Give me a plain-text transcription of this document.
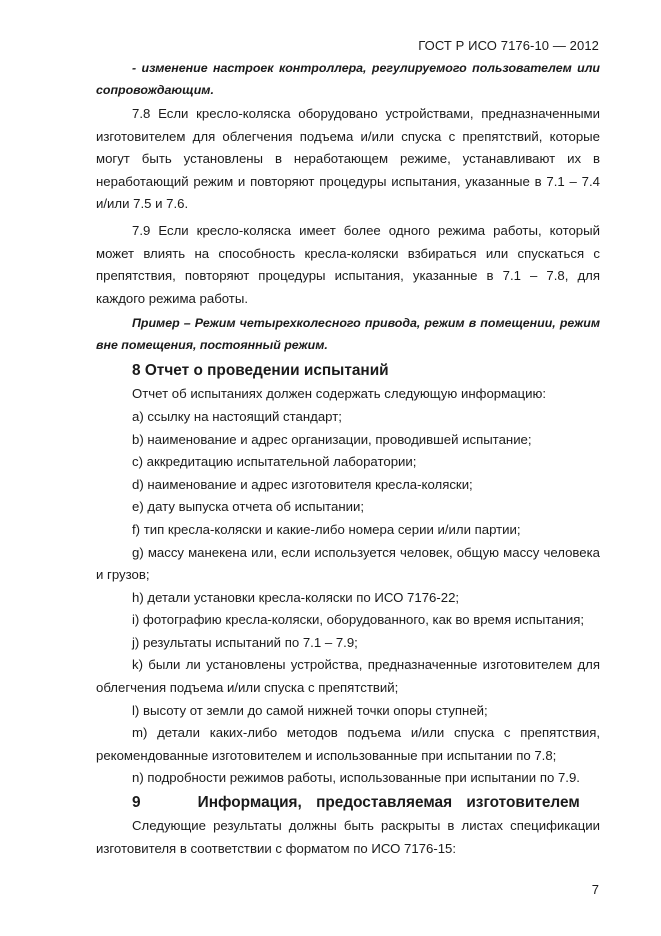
ГОСТ Р ИСО 7176-10 — 2012

- изменение настроек контроллера, регулируемого пользователем или сопровождающим.

7.8 Если кресло-коляска оборудовано устройствами, предназначенными изготовителем для облегчения подъема и/или спуска с препятствий, которые могут быть установлены в неработающем режиме, устанавливают их в неработающий режим и повторяют процедуры испытания, указанные в 7.1 – 7.4 и/или 7.5 и 7.6.

7.9 Если кресло-коляска имеет более одного режима работы, который может влиять на способность кресла-коляски взбираться или спускаться с препятствия, повторяют процедуры испытания, указанные в 7.1 – 7.8, для каждого режима работы.

Пример – Режим четырехколесного привода, режим в помещении, режим вне помещения, постоянный режим.

8 Отчет о проведении испытаний

Отчет об испытаниях должен содержать следующую информацию:

а) ссылку на настоящий стандарт;

b) наименование и адрес организации, проводившей испытание;

с) аккредитацию испытательной лаборатории;

d) наименование и адрес изготовителя кресла-коляски;

е) дату выпуска отчета об испытании;

f) тип кресла-коляски и какие-либо номера серии и/или партии;

g) массу манекена или, если используется человек, общую массу человека и грузов;

h) детали установки кресла-коляски по ИСО 7176-22;

i) фотографию кресла-коляски, оборудованного, как во время испытания;

j) результаты испытаний по 7.1 – 7.9;

k) были ли установлены устройства, предназначенные изготовителем для облегчения подъема и/или спуска с препятствий;

l) высоту от земли до самой нижней точки опоры ступней;

m) детали каких-либо методов подъема и/или спуска с препятствия, рекомендованные изготовителем и использованные при испытании по 7.8;

n) подробности режимов работы, использованные при испытании по 7.9.

9    Информация, предоставляемая изготовителем

Следующие результаты должны быть раскрыты в листах спецификации изготовителя в соответствии с форматом по ИСО 7176-15:

7
